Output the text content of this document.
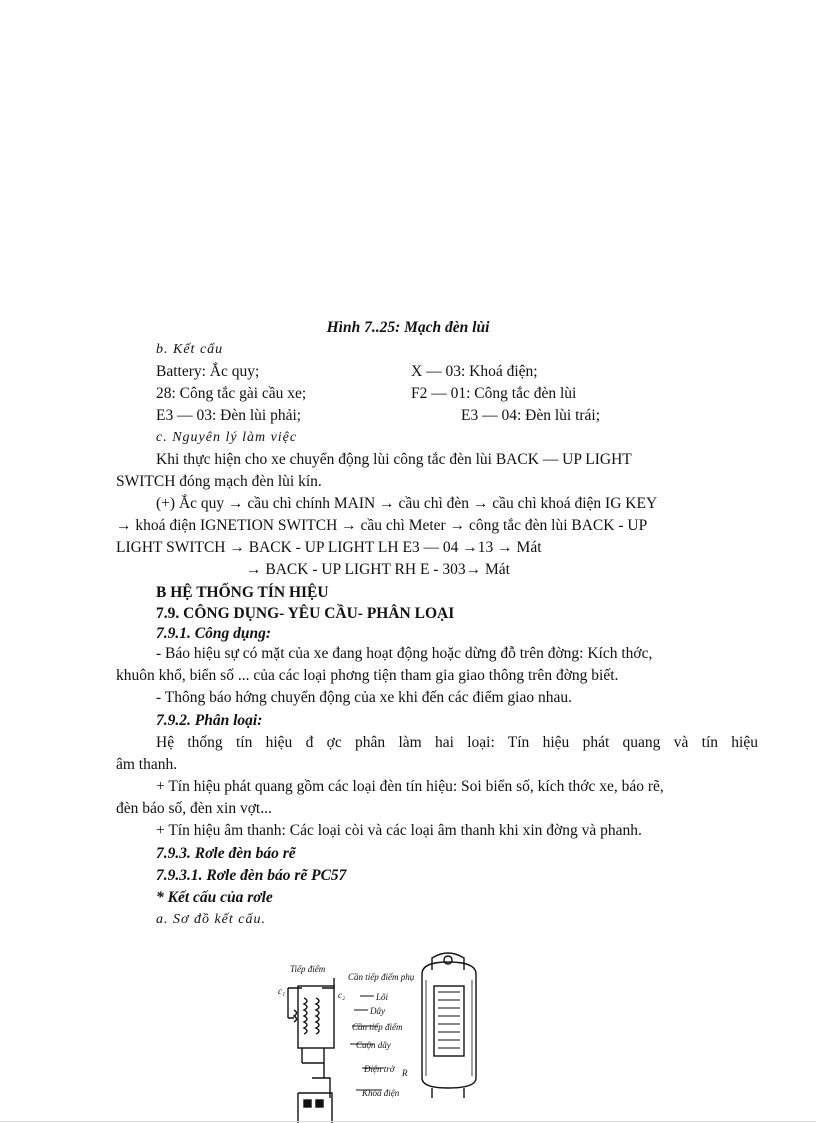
Hình 7..25: Mạch đèn lùi
b. Kết cấu
Battery: Ắc quy;	X — 03: Khoá điện;
28: Công tắc gài cầu xe;	F2 — 01: Công tắc đèn lùi
E3 — 03: Đèn lùi phải;	E3 — 04: Đèn lùi trái;
c. Nguyên lý làm việc
Khi thực hiện cho xe chuyển động lùi công tắc đèn lùi BACK — UP LIGHT
SWITCH đóng mạch đèn lùi kín.
(+) Ắc quy → cầu chì chính MAIN → cầu chì đèn → cầu chì khoá điện IG KEY
→ khoá điện IGNETION SWITCH → cầu chì Meter → công tắc đèn lùi BACK - UP
LIGHT SWITCH → BACK - UP LIGHT LH E3 — 04 →13 → Mát
→ BACK - UP LIGHT RH E - 303→ Mát
B HỆ THỐNG TÍN HIỆU
7.9. CÔNG DỤNG- YÊU CẦU- PHÂN LOẠI
7.9.1. Công dụng:
- Báo hiệu sự có mặt của xe đang hoạt động hoặc dừng đỗ trên đờng: Kích thớc,
khuôn khổ, biển số ... của các loại phơng tiện tham gia giao thông trên đờng biết.
- Thông báo hớng chuyển động của xe khi đến các điểm giao nhau.
7.9.2. Phân loại:
Hệ thống tín hiệu đ ợc phân làm hai loại: Tín hiệu phát quang và tín hiệu
âm thanh.
+ Tín hiệu phát quang gồm các loại đèn tín hiệu: Soi biển số, kích thớc xe, báo rẽ,
đèn báo số, đèn xin vợt...
+ Tín hiệu âm thanh: Các loại còi và các loại âm thanh khi xin đờng và phanh.
7.9.3. Rơle đèn báo rẽ
7.9.3.1. Rơle đèn báo rẽ PC57
* Kết cấu của rơle
a. Sơ đồ kết cấu.
Tiếp điểm
Cần tiếp điểm phụ
c₁	c₂	Lõi
Dây
Cần tiếp điểm
Cuộn dây
Điện trở R
Khóa điện
